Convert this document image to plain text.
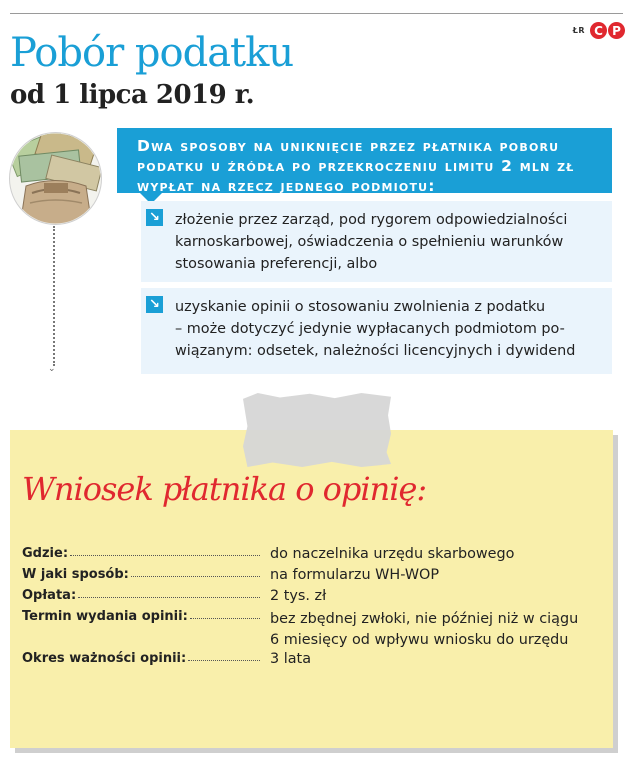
ŁR C P
Pobór podatku
od 1 lipca 2019 r.
⌄
Dwa sposoby na uniknięcie przez płatnika poboru
podatku u źródła po przekroczeniu limitu 2 mln zł
wypłat na rzecz jednego podmiotu:
↘ złożenie przez zarząd, pod rygorem odpowiedzialności
karnoskarbowej, oświadczenia o spełnieniu warunków
stosowania preferencji, albo
↘ uzyskanie opinii o stosowaniu zwolnienia z podatku
– może dotyczyć jedynie wypłacanych podmiotom po-
wiązanym: odsetek, należności licencyjnych i dywidend
Wniosek płatnika o opinię:
Gdzie:	do naczelnika urzędu skarbowego
W jaki sposób:	na formularzu WH-WOP
Opłata:	2 tys. zł
Termin wydania opinii:	bez zbędnej zwłoki, nie później niż w ciągu
6 miesięcy od wpływu wniosku do urzędu
Okres ważności opinii:	3 lata
